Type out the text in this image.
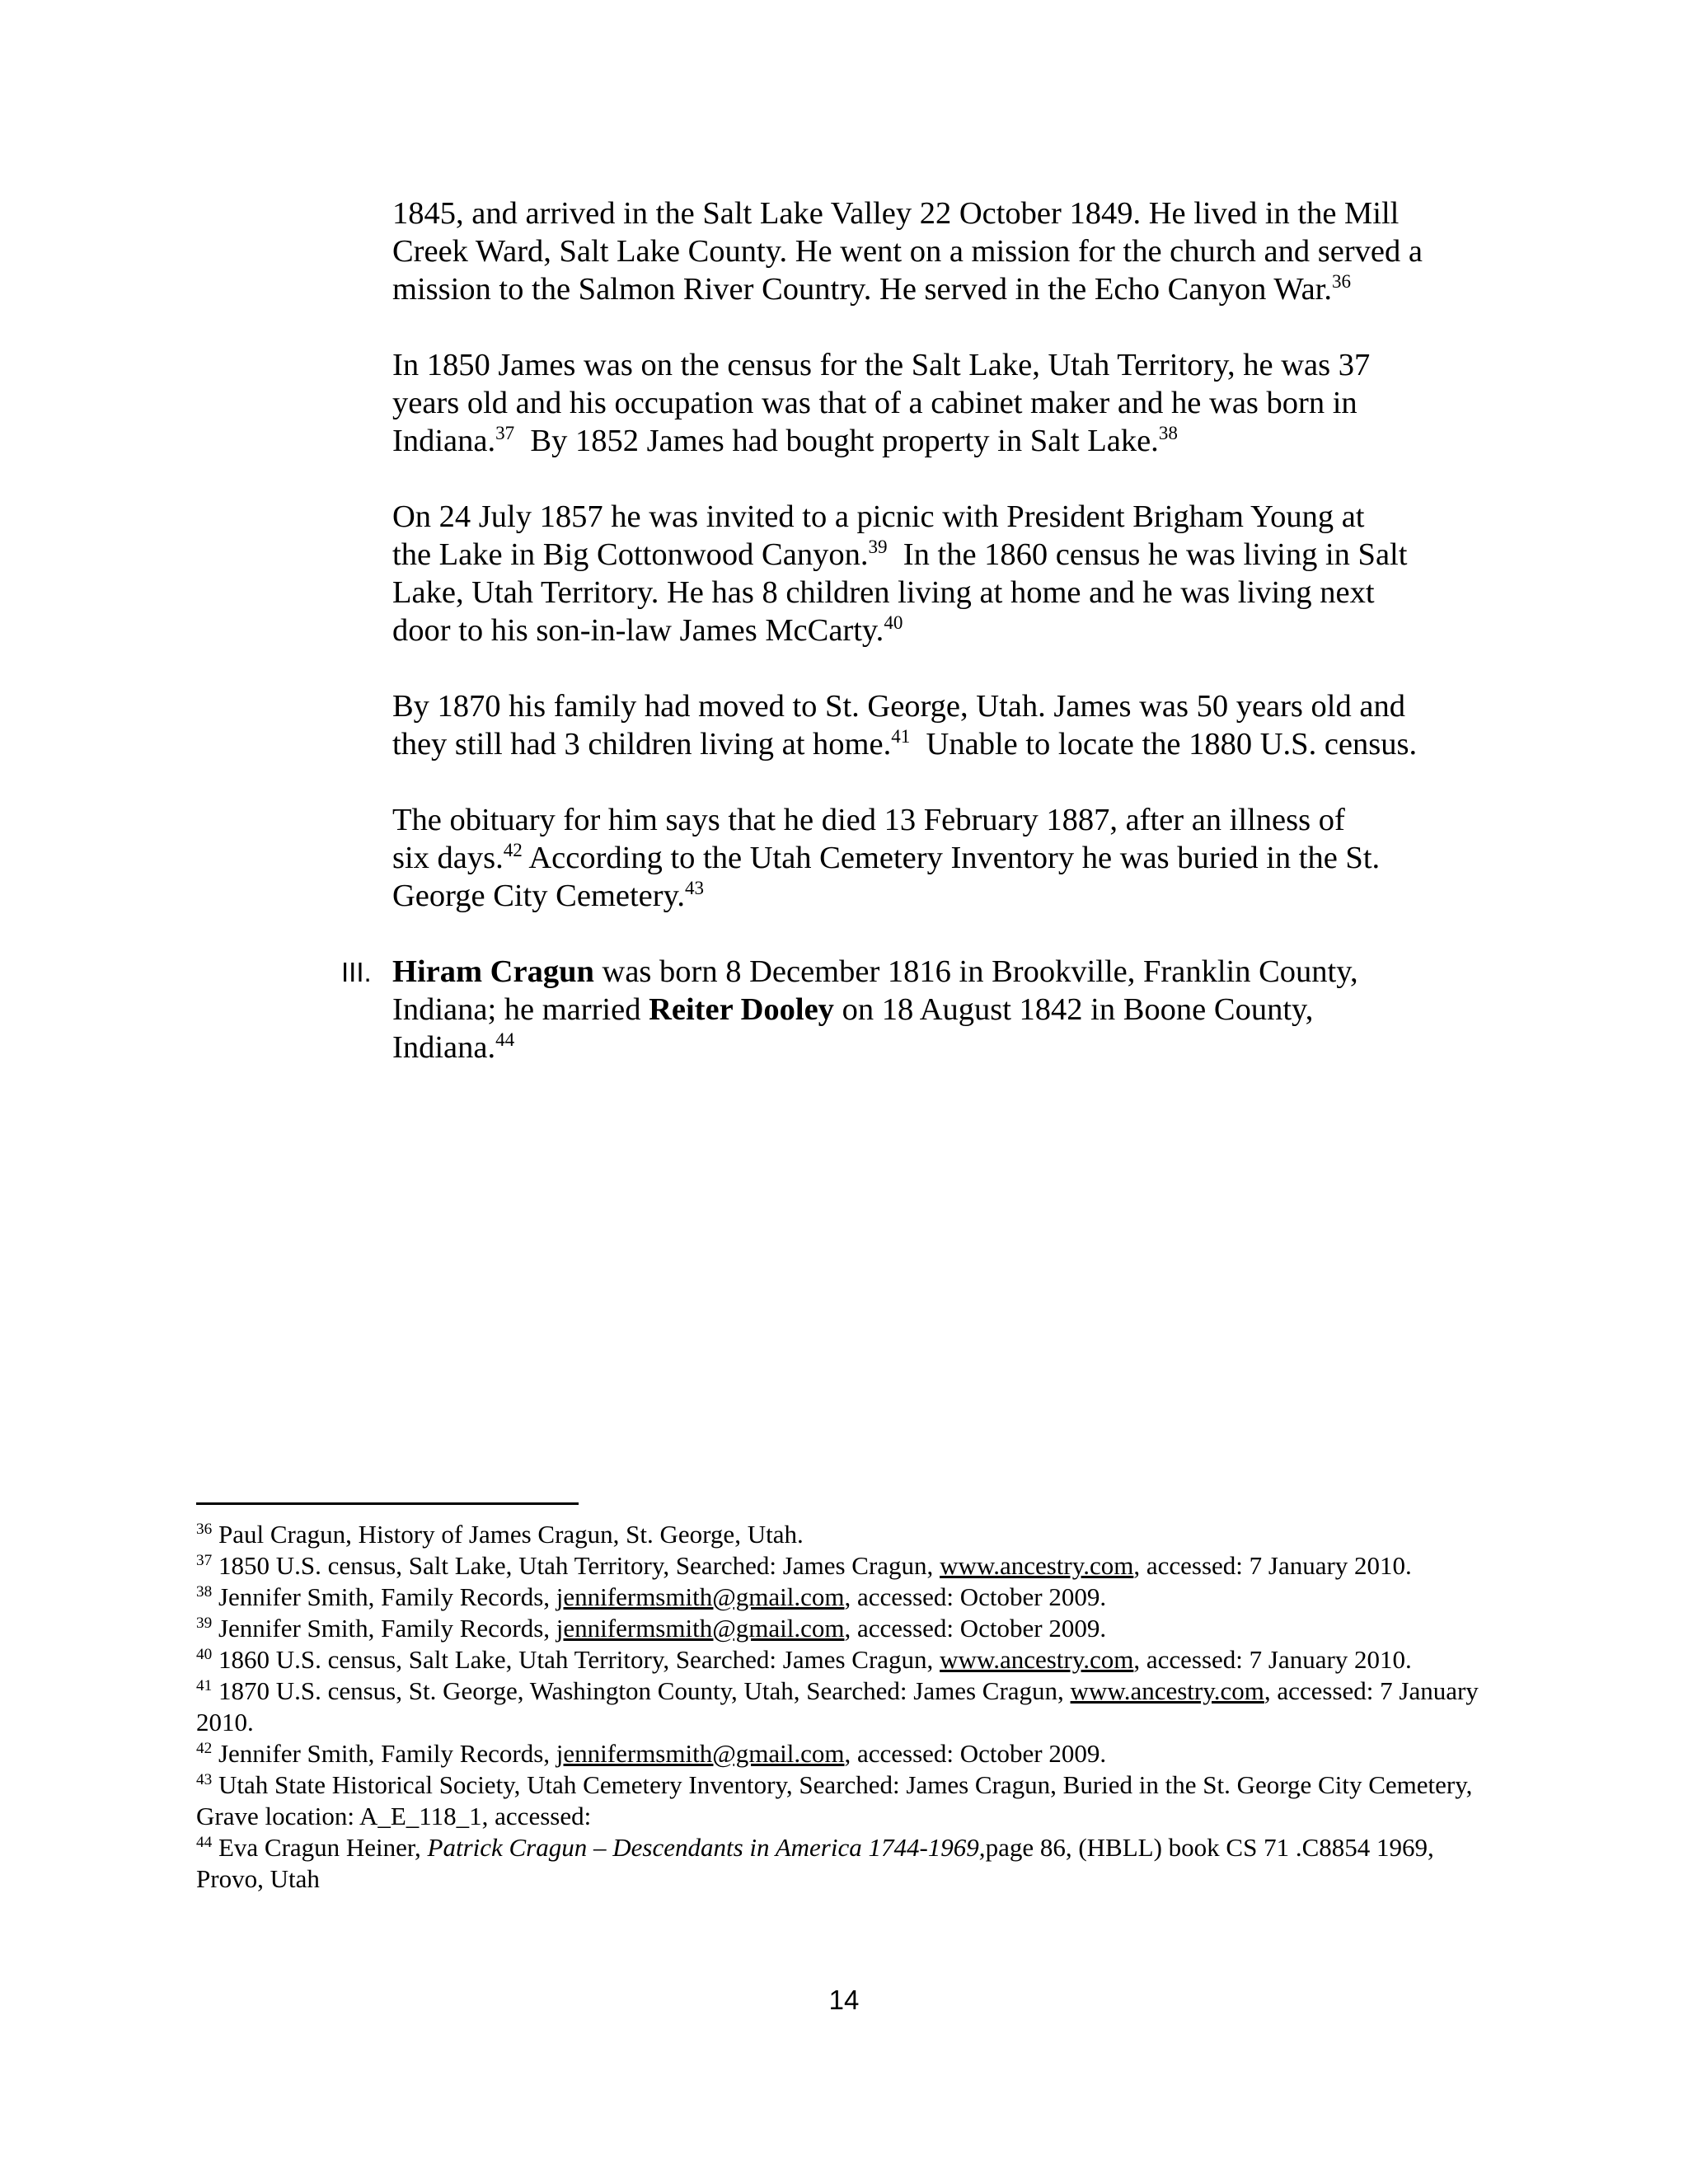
1845, and arrived in the Salt Lake Valley 22 October 1849. He lived in the Mill
Creek Ward, Salt Lake County. He went on a mission for the church and served a
mission to the Salmon River Country. He served in the Echo Canyon War.$^{36}$

In 1850 James was on the census for the Salt Lake, Utah Territory, he was 37
years old and his occupation was that of a cabinet maker and he was born in
Indiana.$^{37}$  By 1852 James had bought property in Salt Lake.$^{38}$

On 24 July 1857 he was invited to a picnic with President Brigham Young at
the Lake in Big Cottonwood Canyon.$^{39}$  In the 1860 census he was living in Salt
Lake, Utah Territory. He has 8 children living at home and he was living next
door to his son-in-law James McCarty.$^{40}$

By 1870 his family had moved to St. George, Utah. James was 50 years old and
they still had 3 children living at home.$^{41}$  Unable to locate the 1880 U.S. census.

The obituary for him says that he died 13 February 1887, after an illness of
six days.$^{42}$ According to the Utah Cemetery Inventory he was buried in the St.
George City Cemetery.$^{43}$

III. Hiram Cragun was born 8 December 1816 in Brookville, Franklin County,
Indiana; he married Reiter Dooley on 18 August 1842 in Boone County,
Indiana.$^{44}$

$^{36}$ Paul Cragun, History of James Cragun, St. George, Utah.

$^{37}$ 1850 U.S. census, Salt Lake, Utah Territory, Searched: James Cragun, www.ancestry.com, accessed: 7 January 2010.

$^{38}$ Jennifer Smith, Family Records, jennifermsmith@gmail.com, accessed: October 2009.

$^{39}$ Jennifer Smith, Family Records, jennifermsmith@gmail.com, accessed: October 2009.

$^{40}$ 1860 U.S. census, Salt Lake, Utah Territory, Searched: James Cragun, www.ancestry.com, accessed: 7 January 2010.

$^{41}$ 1870 U.S. census, St. George, Washington County, Utah, Searched: James Cragun, www.ancestry.com, accessed: 7 January 2010.

$^{42}$ Jennifer Smith, Family Records, jennifermsmith@gmail.com, accessed: October 2009.

$^{43}$ Utah State Historical Society, Utah Cemetery Inventory, Searched: James Cragun, Buried in the St. George City Cemetery, Grave location: A_E_118_1, accessed:

$^{44}$ Eva Cragun Heiner, Patrick Cragun – Descendants in America 1744-1969,page 86, (HBLL) book CS 71 .C8854 1969, Provo, Utah

14
